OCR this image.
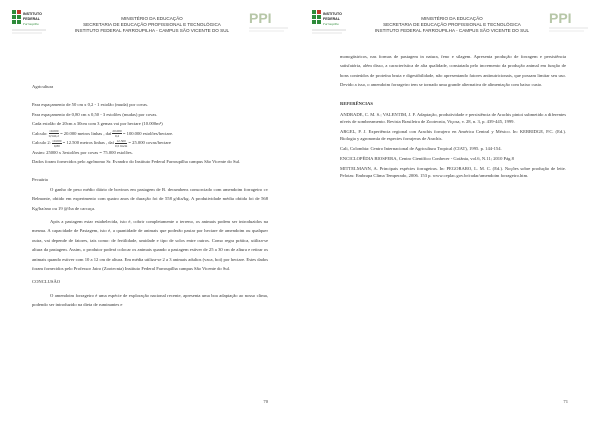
INSTITUTO
FEDERAL
Farroupilha
MINISTÉRIO DA EDUCAÇÃO
SECRETARIA DE EDUCAÇÃO PROFISSIONAL E TECNOLÓGICA
INSTITUTO FEDERAL FARROUPILHA - CAMPUS SÃO VICENTE DO SUL
PPI

Agricultura

Para espaçamento de 50 cm x 0,2 - 1 estolão (muda) por covas.

Para espaçamento de 0,80 cm x 0,50 - 3 estolões (mudas) por covas.

Cada estolão de 20cm a 30cm com 3 gemas vai por hectare (10.000m²)

Calculo: $\frac{10.000}{0,5x0,2} = 20.000$ metros linhas , daí $\frac{20.000}{0,2} = 100.000$ estolões/hectare.

Calculo 2: $\frac{10.000}{0,80} = 12.500$ metros linhas , daí $\frac{12.500}{\text{0,5 lin/m}} = 25.000$ covas/hectare

Assim: 25000 x 3estolões por covas = 75.000 estolões.

Dados foram fornecidos pelo agrônomo Sr. Evandro do Instituto Federal Farroupilha campus São Vicente do Sul.

Pecuária

O ganho de peso médio diário de bovinos em pastagem de B. decumbens consorciado com amendoim forrageiro cv Belmonte, obtido em experimento com quatro anos de duração foi de 558 g/dia/kg. A produtividade média obtida foi de 568 Kg/ha/ano ou 19 @/ha de carcaça.

Após a pastagem estar estabelecida, isto é, cobrir completamente o terreno, os animais podem ser introduzidos na mesma. A capacidade de Pastagem, isto é, a quantidade de animais que poderão pastar por hectare de amendoim ou qualquer outra, vai depende de fatores, tais como: de fertilidade, umidade e tipo de solos entre outros. Como regra prática, utiliza-se altura da pastagem. Assim, o produtor poderá colocar os animais quando a pastagem estiver de 25 a 30 cm de altura e retirar os animais quando estiver com 10 a 12 cm de altura. Em média utiliza-se 2 a 3 animais adultos (vaca, boi) por hectare. Estes dados foram fornecidos pelo Professor Jairo (Zootecnia) Instituto Federal Farroupilha campus São Vicente do Sul.

CONCLUSÃO

O amendoim forrageiro é uma espécie de exploração nacional recente, apresenta uma boa adaptação ao nosso clima, podendo ser introduzido na dieta de ruminantes e

70
INSTITUTO
FEDERAL
Farroupilha
MINISTÉRIO DA EDUCAÇÃO
SECRETARIA DE EDUCAÇÃO PROFISSIONAL E TECNOLÓGICA
INSTITUTO FEDERAL FARROUPILHA - CAMPUS SÃO VICENTE DO SUL
PPI

monogástricos, nas formas de pastagem in natura, feno e silagem. Apresenta produção de forragem e persistência satisfatória, além disso, a característica de alta qualidade, constatada pelo incremento da produção animal em função de bons conteúdos de proteína bruta e digestibilidade, não apresentando fatores antinutricionais, que possam limitar seu uso. Devido a isso, o amendoim forrageiro tem se tornado uma grande alternativa de alimentação com baixo custo.

REFERÊNCIAS

ANDRADE, C. M. S.; VALENTIM, J. F. Adaptação, produtividade e persistência de Arachis pintoi submetido a diferentes níveis de sombreamento. Revista Brasileira de Zootecnia, Viçosa, v. 28, n. 3, p. 439-445, 1999.

ARGEL, P. J. Experiência regional con Arachis forrajero en América Central y México. In: KERRIDGE, P.C. (Ed.). Biologia y agronomía de especies forrajeras de Arachis.

Cali, Colombia: Centro Internacional de Agricultura Tropical (CIAT), 1995. p. 144-154.

ENCICLOPÉDIA BIOSFERA, Centro Científico Conhecer - Goiânia, vol.6, N.11; 2010 Pág.8

MITTELMANN, A. Principais espécies forrageiras. In: PEGORARO, L. M. C. (Ed.). Noções sobre produção de leite. Pelotas: Embrapa Clima Temperado, 2006. 153 p. www.ceplac.gov.br/radar/amendoim forrageiro.htm.

71
